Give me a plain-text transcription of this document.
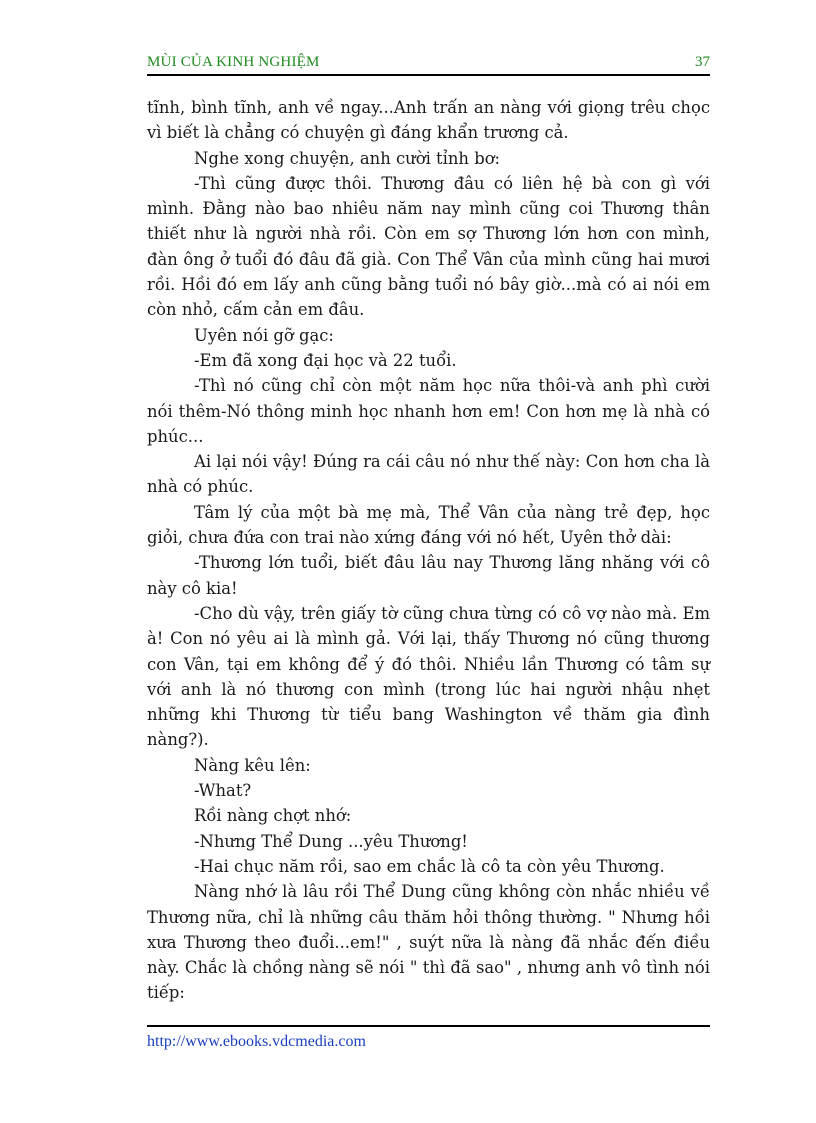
MÙI CỦA KINH NGHIỆM	37

tĩnh, bình tĩnh, anh về ngay...Anh trấn an nàng với giọng trêu chọc vì biết là chẳng có chuyện gì đáng khẩn trương cả.

Nghe xong chuyện, anh cười tỉnh bơ:

-Thì cũng được thôi. Thương đâu có liên hệ bà con gì với mình. Đằng nào bao nhiêu năm nay mình cũng coi Thương thân thiết như là người nhà rồi. Còn em sợ Thương lớn hơn con mình, đàn ông ở tuổi đó đâu đã già. Con Thể Vân của mình cũng hai mươi rồi. Hồi đó em lấy anh cũng bằng tuổi nó bây giờ...mà có ai nói em còn nhỏ, cấm cản em đâu.

Uyên nói gỡ gạc:

-Em đã xong đại học và 22 tuổi.

-Thì nó cũng chỉ còn một năm học nữa thôi-và anh phì cười nói thêm-Nó thông minh học nhanh hơn em! Con hơn mẹ là nhà có phúc...

Ai lại nói vậy! Đúng ra cái câu nó như thế này: Con hơn cha là nhà có phúc.

Tâm lý của một bà mẹ mà, Thể Vân của nàng trẻ đẹp, học giỏi, chưa đứa con trai nào xứng đáng với nó hết, Uyên thở dài:

-Thương lớn tuổi, biết đâu lâu nay Thương lăng nhăng với cô này cô kia!

-Cho dù vậy, trên giấy tờ cũng chưa từng có cô vợ nào mà. Em à! Con nó yêu ai là mình gả. Với lại, thấy Thương nó cũng thương con Vân, tại em không để ý đó thôi. Nhiều lần Thương có tâm sự với anh là nó thương con mình (trong lúc hai người nhậu nhẹt những khi Thương từ tiểu bang Washington về thăm gia đình nàng?).

Nàng kêu lên:

-What?

Rồi nàng chợt nhớ:

-Nhưng Thể Dung ...yêu Thương!

-Hai chục năm rồi, sao em chắc là cô ta còn yêu Thương.

Nàng nhớ là lâu rồi Thể Dung cũng không còn nhắc nhiều về Thương nữa, chỉ là những câu thăm hỏi thông thường. " Nhưng hồi xưa Thương theo đuổi...em!" , suýt nữa là nàng đã nhắc đến điều này. Chắc là chồng nàng sẽ nói " thì đã sao" , nhưng anh vô tình nói tiếp:

http://www.ebooks.vdcmedia.com
